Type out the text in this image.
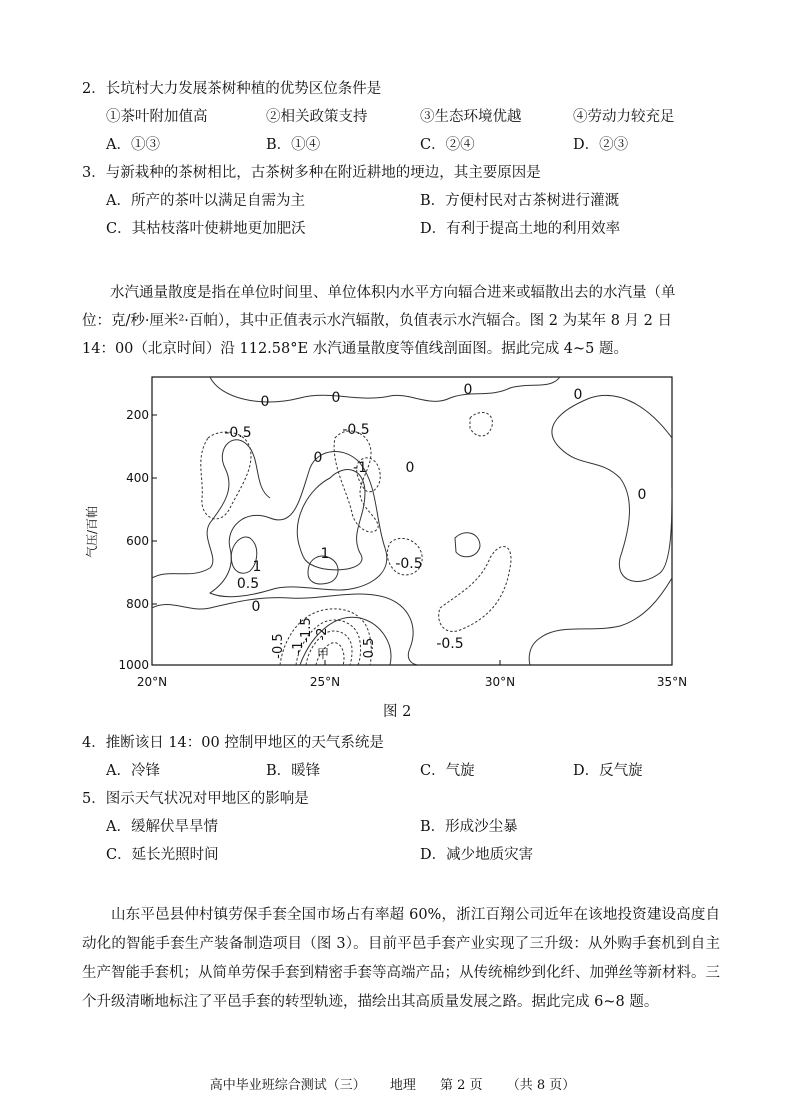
2．长坑村大力发展茶树种植的优势区位条件是
①茶叶附加值高	②相关政策支持	③生态环境优越	④劳动力较充足
A．①③	B．①④	C．②④	D．②③
3．与新栽种的茶树相比，古茶树多种在附近耕地的埂边，其主要原因是
A．所产的茶叶以满足自需为主	B．方便村民对古茶树进行灌溉
C．其枯枝落叶使耕地更加肥沃	D．有利于提高土地的利用效率
水汽通量散度是指在单位时间里、单位体积内水平方向辐合进来或辐散出去的水汽量（单
位：克/秒·厘米²·百帕），其中正值表示水汽辐散，负值表示水汽辐合。图 2 为某年 8 月 2 日
14：00（北京时间）沿 112.58°E 水汽通量散度等值线剖面图。据此完成 4~5 题。
200
400
600
800
1000
气压/百帕
20°N	25°N	30°N	35°N
0	0	0	0
-0.5	-0.5
0
-1	0
0
1
1
0.5
-0.5
0
-0.5
-0.5 -1
-1.5 -2
0.5
甲
图 2
4．推断该日 14：00 控制甲地区的天气系统是
A．冷锋	B．暖锋	C．气旋	D．反气旋
5．图示天气状况对甲地区的影响是
A．缓解伏旱旱情	B．形成沙尘暴
C．延长光照时间	D．减少地质灾害
山东平邑县仲村镇劳保手套全国市场占有率超 60%，浙江百翔公司近年在该地投资建设高度自动化的智能手套生产装备制造项目（图 3）。目前平邑手套产业实现了三升级：从外购手套机到自主生产智能手套机；从简单劳保手套到精密手套等高端产品；从传统棉纱到化纤、加弹丝等新材料。三个升级清晰地标注了平邑手套的转型轨迹，描绘出其高质量发展之路。据此完成 6~8 题。
高中毕业班综合测试（三） 地理 第 2 页 （共 8 页）
